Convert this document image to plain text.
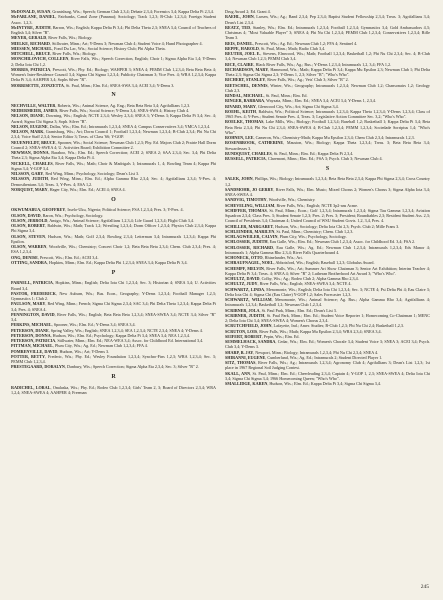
McDONALD, SUSAN, Grantsburg, Wis.; Speech; German Club 2,3,4; Debate 2,3,4; Forensics 3,4; Kappa Delta Pi 2,3,4.

McFARLANE, DANIEL, Fairbanks, Canal Zone (Panama); Sociology; Track 1,2,3; B-Club 1,2,3,4; Foreign Student Assoc. 1,2,3.

McINTYRE, JUDITH, Barron, Wis.; English; Kappa Delta Pi 3,4; Phi Delta Theta 2,3; SNEA 3,4; Council of Teachers of English 3,4; Silver "R".

MEYER, GERALD, River Falls, Wis.; Biology.

MIELKE, RICHARD, Stillwater, Minn.; Art; Y-Dems 3; Newman Club 4; Student Voice 4; Hund Photographer 4.

MIESSEN, MICHAEL, Fond Du Lac, Wis.; Social Science; History Club; Phi Alpha Theta.

MITCHELL, BRUCE, River Falls, Wis.; Biology.

MONCHILOVICH, COLLEEN, River Falls, Wis.; Speech Correction, English; Choir 1; Sigma Alpha Eta 1,4; Y-Dems 2; Delta Iota Chi 1,2.

MORRIS, PATRICIA, Prescott, Wis.; Phy. Ed.; Biology; WAHPER 3; SNEA 4; PEMM Club 1,2,3,4; Beta Beta Beta 4; Women's Inter-Residence Council 3,4; Sigma Chi Sigma 1,2,3,4; Publicity Chairman 3; Vice Pres. 4; WRA 1,2,3,4; Kappa Delta Pi 3,4; AAHPER 3,4; Sophs Silver "R".

MORRISETTE, ZONZETTA, St. Paul, Minn.; Elm. Ed.; SNEA-SWA 3,4; ACEI 3,4; Y-Dems 3.

N

NECHVILLE, WALTER, Roberts, Wis.; Animal Science, Ag. Eng.; Beta Beta Beta 3,4; Agrifallians 1,2,3.

NEIDERMEIER, JAMES, River Falls, Wis.; Social Science; Y-Dems 3,4; SNEA-SWA 4; History Club 4.

NELSON, DIANE, Downing, Wis.; English; NCTE 2,3,4; Wesley 2,3,4; SNEA 3; Y-Dems 3; Kappa Delta Pi 3,4; Sec. 4; Award; Sigma Chi Sigma 3; Soph. Silver "R".

NELSON, EUGENE, Dallas, Wis.; Elm. Ed.; Intramurals 1,2,3,4; SNEA 4; Campus Conservatives 3,4; YMCA 1,2,3,4.

NELSON, MARK, Grantsburg, Wis.; Art; Dorm Council 1; Football 1,2,3,4; Newman 1,2,3,4; B-Club 2,3,4; Phi Nu Chi 2,3,4; Voice Staff 2,3,4; Senior Editor 3; Treas. of Class '66; Y-GOP.

NEUENFELDT, BRUCE, Spooner, Wis.; Social Science; Newman Club 1,2,3; Phy. Ed. Majors Club 2; Prairie Hall Dorm Council 2; SNEA-SWEA 4; U. Activities Board; Exhibition Committee 2.

NEWMAN, DONNA, Baraboo, Wis.; Elm. Ed.; Speech Correction; ACEI 2; SNEA 2; SAA 2,3,4; Sec. 3,4; Phi Delta Theta 2,3; Sigma Alpha Eta 3,4; Kappa Delta Pi 4.

NICKELL, CHARLES, River Falls, Wis.; Math; Choir & Madrigals 1; Intramurals 1, 4; Bowling Team 4; Kappa Phi Sigma 3,4; Y-GOP 3,4.

NILSSON, GARY, Red Wing, Minn.; Psychology, Sociology; Dean's List 3.

NILSSON, JUDITH, Red Wing, Minn.; Elm. Ed.; Alpha Gamma Rho 2,3,4; Sec. 4; Agrifallians 2,3,4; Y-Pres. 4; Demosthenians 3,4; Treas. 3, Y-Pres. 4; ESA 1,2.

NORQUIST, MARY, Hager City, Wis.; Elm. Ed.; ACEI 4; SNEA 4.

O

OKWUMABUA, GEOFFREY, Isselo-Uku, Nigeria; Political Science; FSA 1,2,3,4; Pres. 3; Y-Pres. 4.

OLSON, DAVID, Baron, Wis.; Psychology, Sociology.

OLSON, JERROLD, Amigo, Wis.; Animal Science; Agrifallians 1,2,3,4; Life Guard 1,2,3,4; Flight Club 3,4.

OLSON, ROBERT, Baldwin, Wis.; Math; Track 1,2; Wrestling 1,2,3,4; Dorm Officer 1,2,3,4; Physics Club 2,3,4; Kappa Phi Sigma 3,4.

OLSON, STEVEN, Hudson, Wis.; Math; Golf 2,3,4; Bowling 2,3,4; Letterman 3,4; Intramurals 1,2,3,4; Kappa Phi Epsilon.

OLSON, WARREN, Woodville, Wis.; Chemistry; Concert Choir 1,2; Beta Beta Beta 2,3,4; Chem. Club 2,3,4; Pres. 4; ESA 1,2,3,4.

ONG, DENISE, Prescott, Wis.; Elm. Ed.; ACEI 3,4.

OTTING, SANDRA, Hopkins, Minn.; Elm. Ed.; Kappa Delta Phi 1,2,3,4; SNEA 3,4; Kappa Delta Pi 3,4.

P

PARNELL, PATRICIA, Hopkins, Minn.; English; Delta Iota Chi 1,2,3,4; Sec. 3; Historian 4; SNEA 3,4; U. Activities Board 3,4.

PASTOR, FREDERICK, New Auburn, Wis.; Bus. Econ., Geography; Y-Dems 1,2,3,4; Football Manager 1,2,3; Gymnastics 1; Club 2.

PAULSON, MARY, Red Wing, Minn.; French; Sigma Chi Sigma 2,3,4; SAC 3,4; Phi Delta Theta 1,2,3,4; Kappa Delta Pi 3,4; Pres. 4; SNEA 4.

PENNINGTON, DAVID, River Falls, Wis.; English; Beta Beta Beta 1,2,3,4; SNEA-SWEA 3,4; NCTE 3,4; Silver "R" 3,4.

PERKINS, MICHAEL, Spooner, Wis.; Elm. Ed.; Y-Dems 3,4; SNEA 3,4.

PETERSON, DIANE, Spring Valley, Wis.; English; SNEA 1,2,3,4; SEA 1,2,3,4; NCTE 2,3,4; SNEA 4; Y-Dems 4.

PETERSON, DONNA, Hudson, Wis.; Elm. Ed.; Psychology; Kappa Delta Pi 3,4; SNEA 3,4; NEA 1,2,3,4.

PETERSON, PATRICIA, Stillwater, Minn.; Elm. Ed.; NEA-WEA 3,4; Assoc. for Childhood Ed. International 3,4.

PITTMAN, MICHAEL, Plum City, Wis.; Ag. Ed.; Newman Club 1,2,3,4; FFA 4.

POMRENVILLE, DAVID, Hudson, Wis.; Art; Y-Dems 3.

POTTER, BETTY, Frederic, Wis.; Phy. Ed.; Wesley Foundation 1,2,3,4; Synchro-Fins 1,2,3; WRA 1,2,3,4; Sec. 3; PEMM Club 1,2,3,4.

PRESTEGAARD, DORALYN, Danbury, Wis.; Speech Correction; Sigma Alpha Eta 2,3,4; Sec. 3; Silver "R" 2.

R

RADICHEL, LORAL, Onalaska, Wis.; Phy. Ed.; Rodeo Club 1,2,3,4; Girls' Team 2, 3; Board of Directors 2,3,4; WRA 1,2,4; SNEA-SWEA 4; AAHPER 4; Freeman

Drug Award 2; Ed. Grant 4.

RAEHL, JOHN, Larsen, Wis.; Ag.; Band 2,3,4; Pep 2,3,4; Baptist Student Fellowship 2,3,4; Treas. 3; Agrifallians 3,4; Dean's List 2,3,4.

REATZ, TED, Stanley, Wis.; Elm. Ed.; Intramurals 1,2,3,4; Football 1,2,3,4; Gymnastics 3,4; Gold Ambassadors 4,3; Christmas 4; "Most Valuable Player" 3; SNEA 4; Phi Nu Chi 1,2,3,4; PEMM Club 1,2,3,4; Conservatives 1,2,3,4; Rifle Team 3.

REIS, DANIEL, Prescott, Wis.; Ag. Ed.; Newman Club 1,2; FFA 4; Sentinel 4.

REPPE, HAROLD, St. Paul, Minn.; Math; Radio Club 3,4.

REUTER, JOEL E., Stevens, Elmwood, Wis.; Math; Football 1,2,3,4; Basketball 1,2; Phi Nu Chi 2,3,4; Sec. 4; B-Club 3,4; Newman Club 1,2,3; PEMM Club 3,4.

RICE, CLAIRE, Black River Falls, Wis.; Ag.; Bus.; Y-Dems 1,2,3,4; Intramurals 1,2, 3,4; FFA 1,2.

RICHARDSON, MARY, Hammond, Wis.; Math; Kappa Delta Pi 3,4; Kappa Mu Epsilon 2,3; Newman Club 1; Phi Delta Theta 2,3; Sigma Chi Sigma 2,3; Y-Dems 1, 2,3; Silver "R"; "Who's Who".

RICHERT, STANLEY, River Falls, Wis.; Ag.; Vets' Club 3; Silver "R" 2.

RIETSCHEL, DENNIS, Winter, Wis.; Geography; Intramurals 1,2,3,4; Newman Club 1,2; Chansonairs 1,2; Geology Club 2,3.

RINDAL, MICHAEL, St. Paul, Minn.; Elm. Ed.

RINGER, BARBARA, Wayzata, Minn.; Elm. Ed.; SNEA 3,4; ACEI 3,4; Y-Dems 1, 2,3,4.

RIVARD, MARY, Glenwood City, Wis.; Art; Sigma Chi Sigma 3,4.

ROEHL, KEITH, Baldwin, Wis.; Political Science; Intramurals 1,2,3,4; Kappa Theta 1,2,3,4; Y-Dems 1,2,3,4; Class of 1965 Pres. 4; Y-Pres.; Student Senate Pres. 4, Treas. 3; Legislative Action Committee Sec. 3,2; "Who's Who".

ROELKE, THOMAS, Lake Mills, Wis.; Biology; Football 1,2,3,4; Baseball 1,2; Basketball 1; Kappa Delta Pi 3,4; Beta Beta Beta 2,3,4; Phi Nu Chi 2,3,4; SNEA-SWEA 4; B-Club 1,2,3,4; PEMM 1,2,3,4; Sociedade Sorriptus 1,4; "Who's Who".

ROHNEN, LEE, Cameron, Wis.; Chemistry-Math; Kappa Mu Epsilon 2,3,4; Chem Club 2,3,4; Intramurals 1,2,3.

ROSENBROOK, CATHERINE, Mauston, Wis.; Biology; Kappa Theta 1,2,3,4; Treas. 3; Beta Beta Beta 3,4; Stewardesses 3.

RUNDQUIST, CHARLES, St. Paul, Minn.; Elm. Ed.; Kappa Delta Pi 2,3,4.

RUSSELL, PATRICIA, Claremont, Minn.; Elm. Ed.; FSA 3; Psych. Club 3; Newman Club 4.

S

SALEK, JOHN, Phillips, Wis.; Biology; Intramurals 1,2,3,4; Beta Beta Beta 2,3,4; Kappa Phi Sigma 2,3,4; Cross Country 1,2.

SANDMOHR, JO GERRY, River Falls, Wis.; Elm. Music; Mixed Chorus 2; Women's Chorus 3; Sigma Alpha Iota 3,4; SNEA-SWEA 4.

SANDVIG, TIMOTHY, Woodville, Wis.; Chemistry.

SCHEVELING, WILLIAM, River Falls, Wis.; English; NCTE 3p2-ans Acme.

SCHIFFER, THOMAS, St. Paul, Minn.; Econ.; Golf 1,2,3,4; Intramurals 1,2,3,4; Sigma Tau Gamma 1,2,3,4; Aviation Squadron 2,3,4; Class Pres. 3; Student Senate 1,2,3; Pres. 2; Pres. 3; President; Roundtables 2,3; Resident Student Ass. 2,3; Council of Presidents 3,4; Chairman 4; United Council of WSU Student Govts. 1,2, 3,4, Pres. 4.

SCHILLER, MARGARET, Hudson, Wis.; Sociology; Delta Iota Chi 2,3; Psych. Club 2; Mille Frans 3.

SCHLEINDER, MARILYN, St. Paul, Minn.; Chemistry; Chem. Club 1,2,3.

SCHLAGWEILER, CALVIN, Plum City, Wis.; Psychology, Sociology.

SCHLOSSER, JUDITH, Eau Galle, Wis.; Elm. Ed.; Newman Club 1,2,3,4; Assoc. for Childhood Ed. 3,4; FSA 2.

SCHLOSSER, RICHARD, Eau Galle, Wis.; Ag. Ed.; Newman Club 1,2,3,4; Intramurals 1,2,3,4; Eds Manor 4; Intramurals 1; Alpha Gamma Rho 2,3,4; River Falls Quarterhound 4.

SCHONECK, OTTO, Rhinelander, Wis.; Art.

SCHRAUFNAGEL, NOEL, Abbotsford, Wis.; English; Baseball 1,2,3; Globulus Award.

SCHEMPF, MELVIN, River Falls, Wis.; Art; Summer Art Show Chairman 3; Senior Art Exhibition; Interim Teacher 4; Kappa Delta Pi 3,4; Treas. 4; SNEA 4; Silver "R" 2; Lutheran Brotherhood Art Award 3; "Who's Who".

SCHULTZ, DAVID, Colby, Wis.; Ag.; Rodeo Club 2; Alpha Gamma Rho 2,3,4.

SCHULTZ, JUDY, River Falls, Wis.; English; SNEA-SWEA 3,4; NCTE 4.

SCHWARTZ, LINDA, Menomonie, Wis.; English; Delta Iota Chi 1,2,3,4; Sec. 3; NCTE 4; Psi Delta Phi 4; Eau Claire 3; Delta Iota Chi 4; Sigma Chi (Eau Claire) Y-GOP 1,2; Sales Forecaster 1,2,3.

SCHWARTZ, WILLIAM, Menomonie, Wis.; Animal Science; Ag. Bus.; Alpha Gamma Rho 3,4; Agrifallians 4; Intramurals 1,2,3,4; Basketball 1,2; Newman Club 1,2,3,4.

SCRIBNER, JOLA, St. Paul Park, Minn.; Elm. Ed.; Dean's List 3.

SCRIBNER, JUDITH, St. Paul Park, Minn.; Elm. Ed.; Student Voice Reporter 1; Homecoming Co-Chairman 1; MENC 2; Delta Iota Chi 3,4; SNEA-SWEA 4; Women's Chorus 2,3,4.

SCRUTCHFIELD, JOHN, Lafayette, Ind.; Amer. Studies; B-Club 1,2,3; Phi Nu Chi 2,4; Basketball 1,2,3.

SCRUTON, LOIS, River Falls, Wis.; Math; Kappa Mu Epsilon 2,3,4; WRA 2,3,4; SNEA 3,4.

SEIFERT, ROBERT, Pepin, Wis.; Elm. Ed.

SEMMELHACK, SANDRA, Cedar, Wis.; Elm. Ed.; Women's Chorale 3,4; Student Voice 3; SNEA 3; ACEI 3,4; Psych. Club 3,4; Y-Dems 3.

SHARP, B. JAY, Newport, Minn.; Biology; Intramurals 1,2,3,4; Phi Nu Chi 2,3,4; SNEA 4.

SHIRANNI, EUGENE, Cumberland, Wis.; Ag. Ed.; Intramurals 2; Student Directed Player 1.

SITZ, THOMAS, River Falls, Wis.; Ag.; Intramurals 1,2,3,4; Agronomy Club 4; Agrifallians 3; Dean's List 1,2,3; 1st place in 1967 Regional Soil Judging Contest.

SKALL, ANN, St. Paul, Minn.; Elm. Ed.; Cheerleading 2,3,4; Captain 4; Y-GOP 1, 2,3; SNEA-SWEA 4; Delta Iota Chi 3,4; Sigma Chi Sigma 3,4; 1966 Homecoming Queen; "Who's Who".

SMALLIDGE, KAREN, Hudson, Wis.; Elm. Ed.; Kappa Delta Pi 3,4; Sigma Chi Sigma 3,4.

245
